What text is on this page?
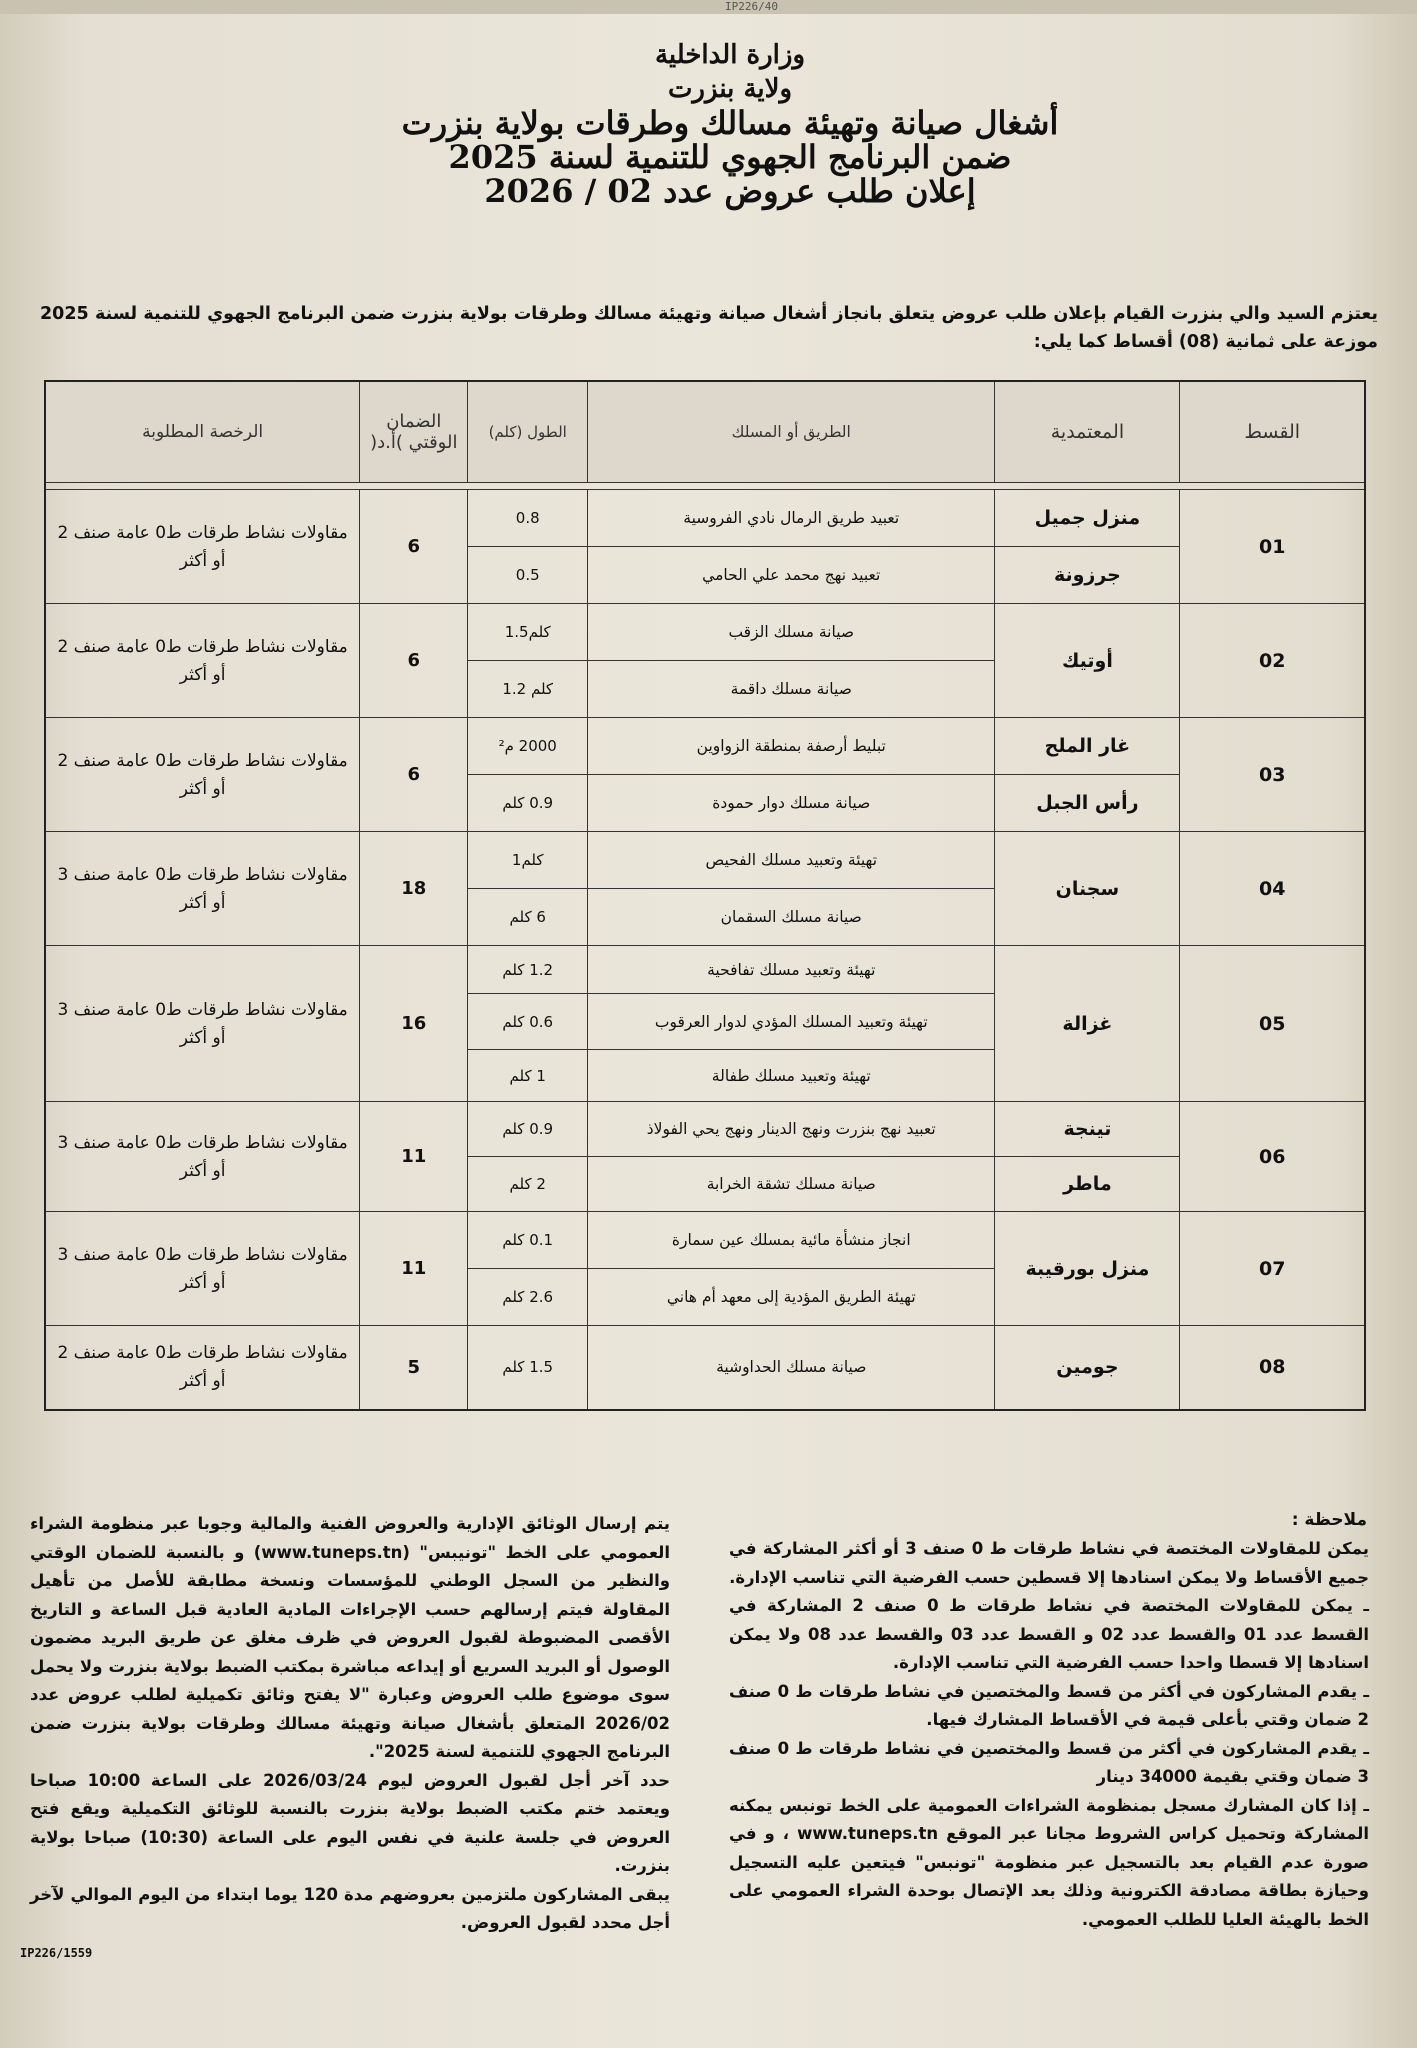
IP226/40
وزارة الداخلية
ولاية بنزرت
أشغال صيانة وتهيئة مسالك وطرقات بولاية بنزرت
ضمن البرنامج الجهوي للتنمية لسنة 2025
إعلان طلب عروض عدد 02 / 2026
يعتزم السيد والي بنزرت القيام بإعلان طلب عروض يتعلق بانجاز أشغال صيانة وتهيئة مسالك وطرقات بولاية بنزرت ضمن البرنامج الجهوي للتنمية لسنة 2025 موزعة على ثمانية (08) أقساط كما يلي:
القسط	المعتمدية	الطريق أو المسلك	الطول (كلم)	الضمان الوقتي )أ.د(	الرخصة المطلوبة

01	منزل جميل	تعبيد طريق الرمال نادي الفروسية	0.8	6	مقاولات نشاط طرقات ط0 عامة صنف 2 أو أكثر
	جرزونة	تعبيد نهج محمد علي الحامي	0.5		
02	أوتيك	صيانة مسلك الزقب	كلم1.5	6	مقاولات نشاط طرقات ط0 عامة صنف 2 أو أكثر
		صيانة مسلك داقمة	كلم 1.2		
03	غار الملح	تبليط أرصفة بمنطقة الزواوين	2000 م²	6	مقاولات نشاط طرقات ط0 عامة صنف 2 أو أكثر
	رأس الجبل	صيانة مسلك دوار حمودة	0.9 كلم		
04	سجنان	تهيئة وتعبيد مسلك الفحيص	كلم1	18	مقاولات نشاط طرقات ط0 عامة صنف 3 أو أكثر
		صيانة مسلك السقمان	6 كلم		
05	غزالة	تهيئة وتعبيد مسلك تفافحية	1.2 كلم	16	مقاولات نشاط طرقات ط0 عامة صنف 3 أو أكثر
		تهيئة وتعبيد المسلك المؤدي لدوار العرقوب	0.6 كلم		
		تهيئة وتعبيد مسلك طفالة	1 كلم		
06	تينجة	تعبيد نهج بنزرت ونهج الدينار ونهج يحي الفولاذ	0.9 كلم	11	مقاولات نشاط طرقات ط0 عامة صنف 3 أو أكثر
	ماطر	صيانة مسلك تشقة الخرابة	2 كلم		
07	منزل بورقيبة	انجاز منشأة مائية بمسلك عين سمارة	0.1 كلم	11	مقاولات نشاط طرقات ط0 عامة صنف 3 أو أكثر
		تهيئة الطريق المؤدية إلى معهد أم هاني	2.6 كلم		
08	جومين	صيانة مسلك الحداوشية	1.5 كلم	5	مقاولات نشاط طرقات ط0 عامة صنف 2 أو أكثر
ملاحظة :

يمكن للمقاولات المختصة في نشاط طرقات ط 0 صنف 3 أو أكثر المشاركة في جميع الأقساط ولا يمكن اسنادها إلا قسطين حسب الفرضية التي تناسب الإدارة.

ـ يمكن للمقاولات المختصة في نشاط طرقات ط 0 صنف 2 المشاركة في القسط عدد 01 والقسط عدد 02 و القسط عدد 03 والقسط عدد 08 ولا يمكن اسنادها إلا قسطا واحدا حسب الفرضية التي تناسب الإدارة.

ـ يقدم المشاركون في أكثر من قسط والمختصين في نشاط طرقات ط 0 صنف 2 ضمان وقتي بأعلى قيمة في الأقساط المشارك فيها.

ـ يقدم المشاركون في أكثر من قسط والمختصين في نشاط طرقات ط 0 صنف 3 ضمان وقتي بقيمة 34000 دينار

ـ إذا كان المشارك مسجل بمنظومة الشراءات العمومية على الخط تونبس يمكنه المشاركة وتحميل كراس الشروط مجانا عبر الموقع www.tuneps.tn ، و في صورة عدم القيام بعد بالتسجيل عبر منظومة "تونبس" فيتعين عليه التسجيل وحيازة بطاقة مصادقة الكترونية وذلك بعد الإتصال بوحدة الشراء العمومي على الخط بالهيئة العليا للطلب العمومي.

يتم إرسال الوثائق الإدارية والعروض الفنية والمالية وجوبا عبر منظومة الشراء العمومي على الخط "تونيبس" (www.tuneps.tn) و بالنسبة للضمان الوقتي والنظير من السجل الوطني للمؤسسات ونسخة مطابقة للأصل من تأهيل المقاولة فيتم إرسالهم حسب الإجراءات المادية العادية قبل الساعة و التاريخ الأقصى المضبوطة لقبول العروض في ظرف مغلق عن طريق البريد مضمون الوصول أو البريد السريع أو إيداعه مباشرة بمكتب الضبط بولاية بنزرت ولا يحمل سوى موضوع طلب العروض وعبارة "لا يفتح وثائق تكميلية لطلب عروض عدد 2026/02 المتعلق بأشغال صيانة وتهيئة مسالك وطرقات بولاية بنزرت ضمن البرنامج الجهوي للتنمية لسنة 2025".

حدد آخر أجل لقبول العروض ليوم 2026/03/24 على الساعة 10:00 صباحا ويعتمد ختم مكتب الضبط بولاية بنزرت بالنسبة للوثائق التكميلية ويقع فتح العروض في جلسة علنية في نفس اليوم على الساعة (10:30) صباحا بولاية بنزرت.

يبقى المشاركون ملتزمين بعروضهم مدة 120 يوما ابتداء من اليوم الموالي لآخر أجل محدد لقبول العروض.

IP226/1559
